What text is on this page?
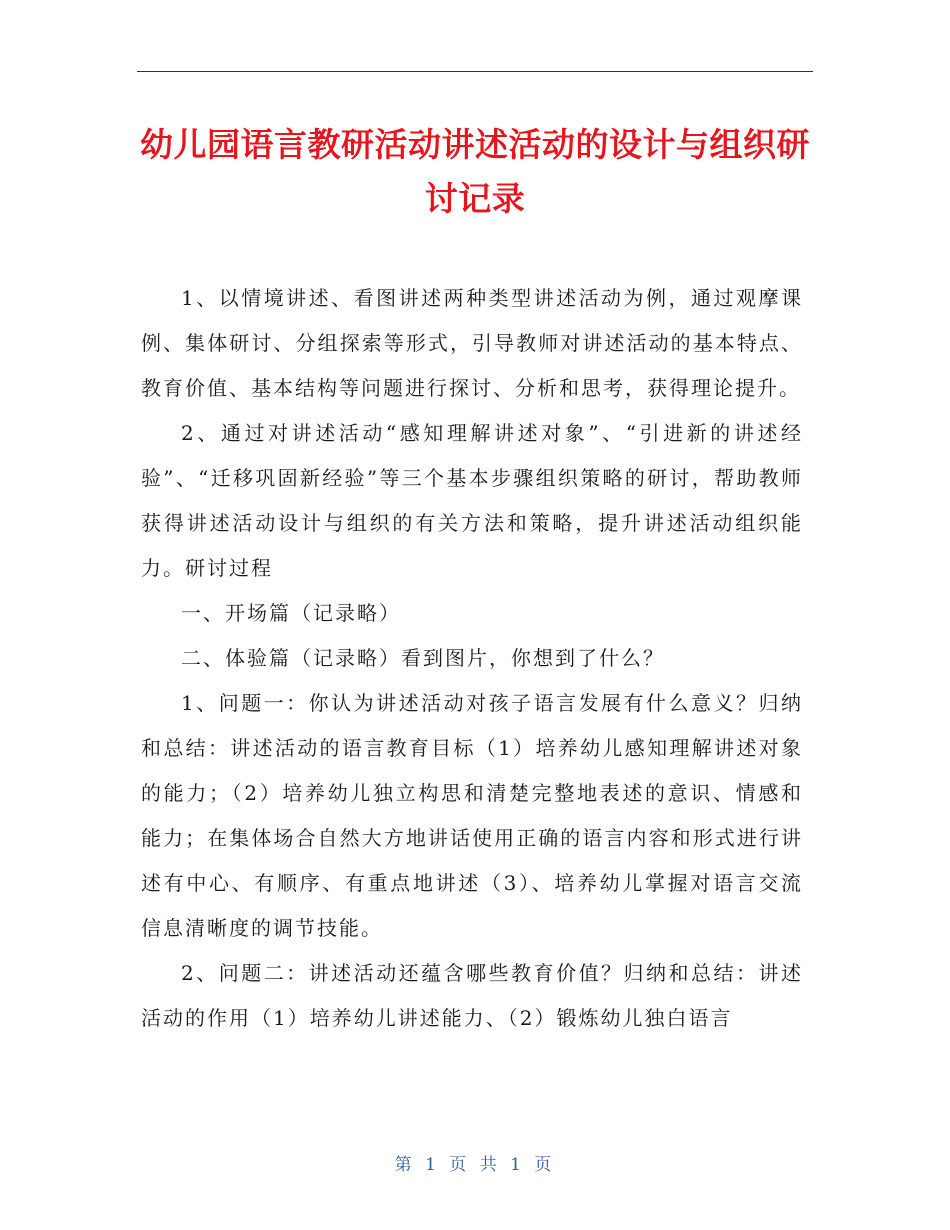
幼儿园语言教研活动讲述活动的设计与组织研讨记录

1、以情境讲述、看图讲述两种类型讲述活动为例，通过观摩课例、集体研讨、分组探索等形式，引导教师对讲述活动的基本特点、教育价值、基本结构等问题进行探讨、分析和思考，获得理论提升。

2、通过对讲述活动“感知理解讲述对象”、“引进新的讲述经验”、“迁移巩固新经验”等三个基本步骤组织策略的研讨，帮助教师获得讲述活动设计与组织的有关方法和策略，提升讲述活动组织能力。研讨过程

一、开场篇（记录略）

二、体验篇（记录略）看到图片，你想到了什么？

1、问题一：你认为讲述活动对孩子语言发展有什么意义？归纳和总结：讲述活动的语言教育目标（1）培养幼儿感知理解讲述对象的能力；（2）培养幼儿独立构思和清楚完整地表述的意识、情感和能力；在集体场合自然大方地讲话使用正确的语言内容和形式进行讲述有中心、有顺序、有重点地讲述（3）、培养幼儿掌握对语言交流信息清晰度的调节技能。

2、问题二：讲述活动还蕴含哪些教育价值？归纳和总结：讲述活动的作用（1）培养幼儿讲述能力、（2）锻炼幼儿独白语言

第 1 页 共 1 页
